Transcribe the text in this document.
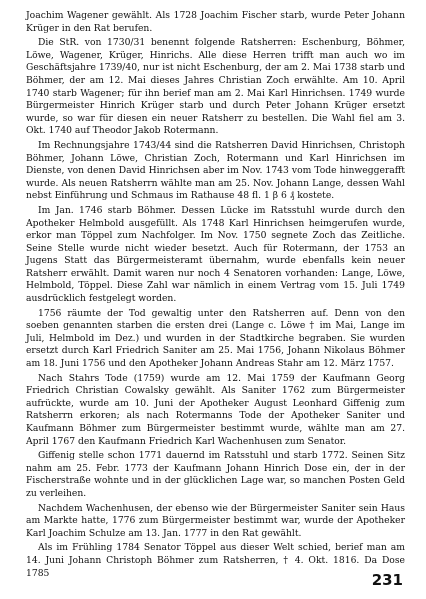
Joachim Wagener gewählt. Als 1728 Joachim Fischer starb, wurde Peter Johann Krüger in den Rat berufen.

Die StR. von 1730/31 benennt folgende Ratsherren: Eschenburg, Böhmer, Löwe, Wagener, Krüger, Hinrichs. Alle diese Herren trifft man auch wo im Geschäftsjahre 1739/40, nur ist nicht Eschenburg, der am 2. Mai 1738 starb und Böhmer, der am 12. Mai dieses Jahres Christian Zoch erwählte. Am 10. April 1740 starb Wagener; für ihn berief man am 2. Mai Karl Hinrichsen. 1749 wurde Bürgermeister Hinrich Krüger starb und durch Peter Johann Krüger ersetzt wurde, so war für diesen ein neuer Ratsherr zu bestellen. Die Wahl fiel am 3. Okt. 1740 auf Theodor Jakob Rotermann.

Im Rechnungsjahre 1743/44 sind die Ratsherren David Hinrichsen, Christoph Böhmer, Johann Löwe, Christian Zoch, Rotermann und Karl Hinrichsen im Dienste, von denen David Hinrichsen aber im Nov. 1743 vom Tode hinweggerafft wurde. Als neuen Ratsherrn wählte man am 25. Nov. Johann Lange, dessen Wahl nebst Einführung und Schmaus im Rathause 48 fl. 1 β 6 ₰ kostete.

Im Jan. 1746 starb Böhmer. Dessen Lücke im Ratsstuhl wurde durch den Apotheker Helmbold ausgefüllt. Als 1748 Karl Hinrichsen heimgerufen wurde, erkor man Töppel zum Nachfolger. Im Nov. 1750 segnete Zoch das Zeitliche. Seine Stelle wurde nicht wieder besetzt. Auch für Rotermann, der 1753 an Jugens Statt das Bürgermeisteramt übernahm, wurde ebenfalls kein neuer Ratsherr erwählt. Damit waren nur noch 4 Senatoren vorhanden: Lange, Löwe, Helmbold, Töppel. Diese Zahl war nämlich in einem Vertrag vom 15. Juli 1749 ausdrücklich festgelegt worden.

1756 räumte der Tod gewaltig unter den Ratsherren auf. Denn von den soeben genannten starben die ersten drei (Lange c. Löwe † im Mai, Lange im Juli, Helmbold im Dez.) und wurden in der Stadtkirche begraben. Sie wurden ersetzt durch Karl Friedrich Saniter am 25. Mai 1756, Johann Nikolaus Böhmer am 18. Juni 1756 und den Apotheker Johann Andreas Stahr am 12. März 1757.

Nach Stahrs Tode (1759) wurde am 12. Mai 1759 der Kaufmann Georg Friedrich Christian Cowalsky gewählt. Als Saniter 1762 zum Bürgermeister aufrückte, wurde am 10. Juni der Apotheker August Leonhard Giffenig zum Ratsherrn erkoren; als nach Rotermanns Tode der Apotheker Saniter und Kaufmann Böhmer zum Bürgermeister bestimmt wurde, wählte man am 27. April 1767 den Kaufmann Friedrich Karl Wachenhusen zum Senator.

Giffenig stelle schon 1771 dauernd im Ratsstuhl und starb 1772. Seinen Sitz nahm am 25. Febr. 1773 der Kaufmann Johann Hinrich Dose ein, der in der Fischerstraße wohnte und in der glücklichen Lage war, so manchen Posten Geld zu verleihen.

Nachdem Wachenhusen, der ebenso wie der Bürgermeister Saniter sein Haus am Markte hatte, 1776 zum Bürgermeister bestimmt war, wurde der Apotheker Karl Joachim Schulze am 13. Jan. 1777 in den Rat gewählt.

Als im Frühling 1784 Senator Töppel aus dieser Welt schied, berief man am 14. Juni Johann Christoph Böhmer zum Ratsherren, † 4. Okt. 1816. Da Dose 1785	231
